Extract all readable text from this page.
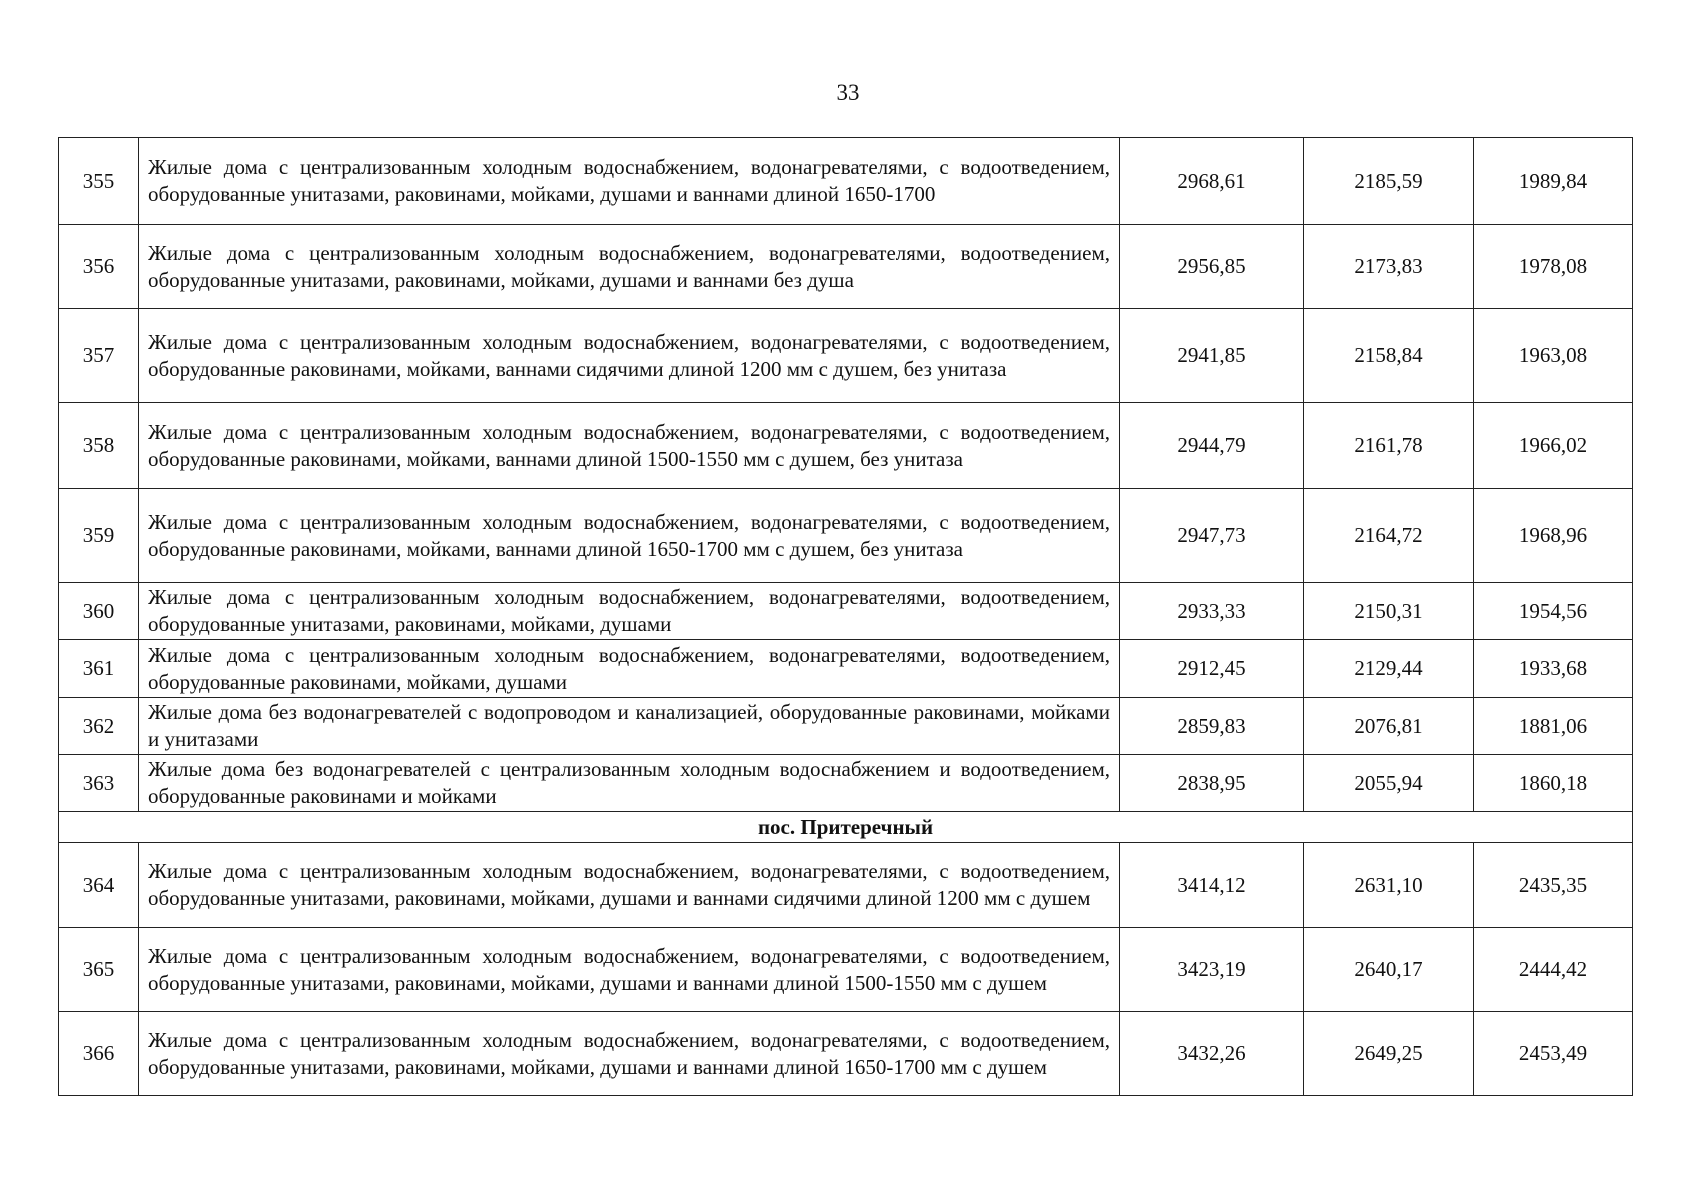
33
355	Жилые дома с централизованным холодным водоснабжением, водонагревателями, с водоотведением, оборудованные унитазами, раковинами, мойками, душами и ваннами длиной 1650-1700	2968,61	2185,59	1989,84
356	Жилые дома с централизованным холодным водоснабжением, водонагревателями, водоотведением, оборудованные унитазами, раковинами, мойками, душами и ваннами без душа	2956,85	2173,83	1978,08
357	Жилые дома с централизованным холодным водоснабжением, водонагревателями, с водоотведением, оборудованные раковинами, мойками, ваннами сидячими длиной 1200 мм с душем, без унитаза	2941,85	2158,84	1963,08
358	Жилые дома с централизованным холодным водоснабжением, водонагревателями, с водоотведением, оборудованные раковинами, мойками, ваннами длиной 1500-1550 мм с душем, без унитаза	2944,79	2161,78	1966,02
359	Жилые дома с централизованным холодным водоснабжением, водонагревателями, с водоотведением, оборудованные раковинами, мойками, ваннами длиной 1650-1700 мм с душем, без унитаза	2947,73	2164,72	1968,96
360	Жилые дома с централизованным холодным водоснабжением, водонагревателями, водоотведением, оборудованные унитазами, раковинами, мойками, душами	2933,33	2150,31	1954,56
361	Жилые дома с централизованным холодным водоснабжением, водонагревателями, водоотведением, оборудованные раковинами, мойками, душами	2912,45	2129,44	1933,68
362	Жилые дома без водонагревателей с водопроводом и канализацией, оборудованные раковинами, мойками и унитазами	2859,83	2076,81	1881,06
363	Жилые дома без водонагревателей с централизованным холодным водоснабжением и водоотведением, оборудованные раковинами и мойками	2838,95	2055,94	1860,18
пос. Притеречный				
364	Жилые дома с централизованным холодным водоснабжением, водонагревателями, с водоотведением, оборудованные унитазами, раковинами, мойками, душами и ваннами сидячими длиной 1200 мм с душем	3414,12	2631,10	2435,35
365	Жилые дома с централизованным холодным водоснабжением, водонагревателями, с водоотведением, оборудованные унитазами, раковинами, мойками, душами и ваннами длиной 1500-1550 мм с душем	3423,19	2640,17	2444,42
366	Жилые дома с централизованным холодным водоснабжением, водонагревателями, с водоотведением, оборудованные унитазами, раковинами, мойками, душами и ваннами длиной 1650-1700 мм с душем	3432,26	2649,25	2453,49
